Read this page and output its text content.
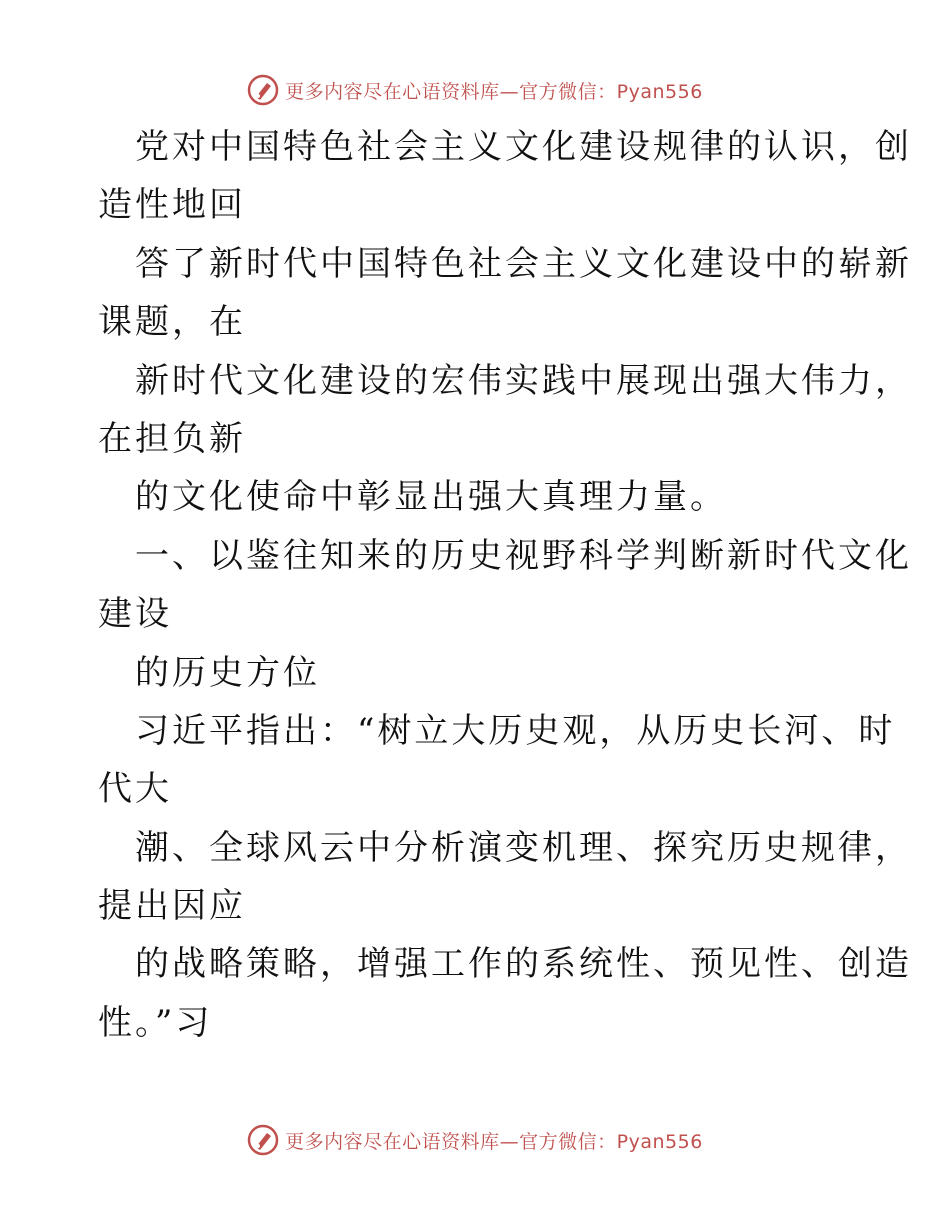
更多内容尽在心语资料库—官方微信：Pyan556
党对中国特色社会主义文化建设规律的认识，创
造性地回
答了新时代中国特色社会主义文化建设中的崭新
课题，在
新时代文化建设的宏伟实践中展现出强大伟力，
在担负新
的文化使命中彰显出强大真理力量。
一、以鉴往知来的历史视野科学判断新时代文化
建设
的历史方位
习近平指出：“树立大历史观，从历史长河、时
代大
潮、全球风云中分析演变机理、探究历史规律，
提出因应
的战略策略，增强工作的系统性、预见性、创造
性。”习
更多内容尽在心语资料库—官方微信：Pyan556
